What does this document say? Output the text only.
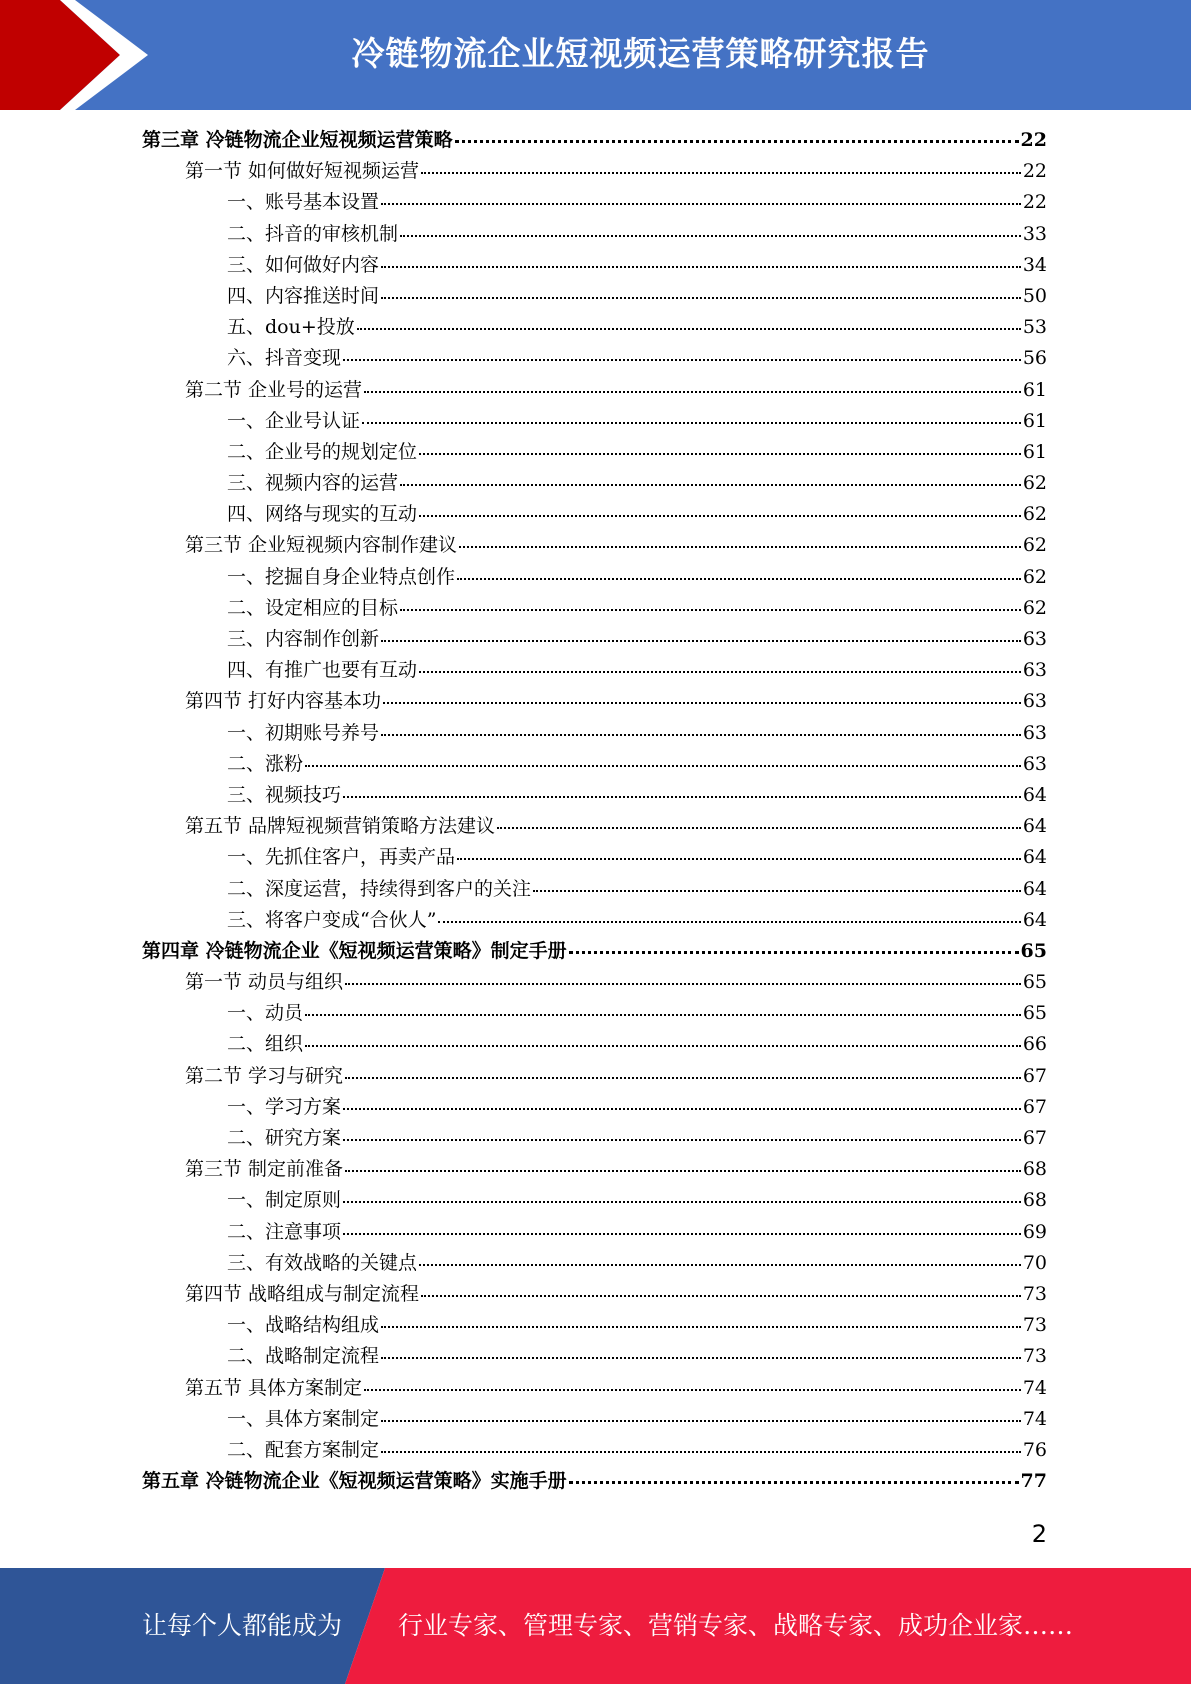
冷链物流企业短视频运营策略研究报告
第三章 冷链物流企业短视频运营策略	22
第一节 如何做好短视频运营	22
一、账号基本设置	22
二、抖音的审核机制	33
三、如何做好内容	34
四、内容推送时间	50
五、dou+投放	53
六、抖音变现	56
第二节 企业号的运营	61
一、企业号认证	61
二、企业号的规划定位	61
三、视频内容的运营	62
四、网络与现实的互动	62
第三节 企业短视频内容制作建议	62
一、挖掘自身企业特点创作	62
二、设定相应的目标	62
三、内容制作创新	63
四、有推广也要有互动	63
第四节 打好内容基本功	63
一、初期账号养号	63
二、涨粉	63
三、视频技巧	64
第五节 品牌短视频营销策略方法建议	64
一、先抓住客户，再卖产品	64
二、深度运营，持续得到客户的关注	64
三、将客户变成“合伙人”	64
第四章 冷链物流企业《短视频运营策略》制定手册	65
第一节 动员与组织	65
一、动员	65
二、组织	66
第二节 学习与研究	67
一、学习方案	67
二、研究方案	67
第三节 制定前准备	68
一、制定原则	68
二、注意事项	69
三、有效战略的关键点	70
第四节 战略组成与制定流程	73
一、战略结构组成	73
二、战略制定流程	73
第五节 具体方案制定	74
一、具体方案制定	74
二、配套方案制定	76
第五章 冷链物流企业《短视频运营策略》实施手册	77
2
让每个人都能成为 行业专家、管理专家、营销专家、战略专家、成功企业家……
